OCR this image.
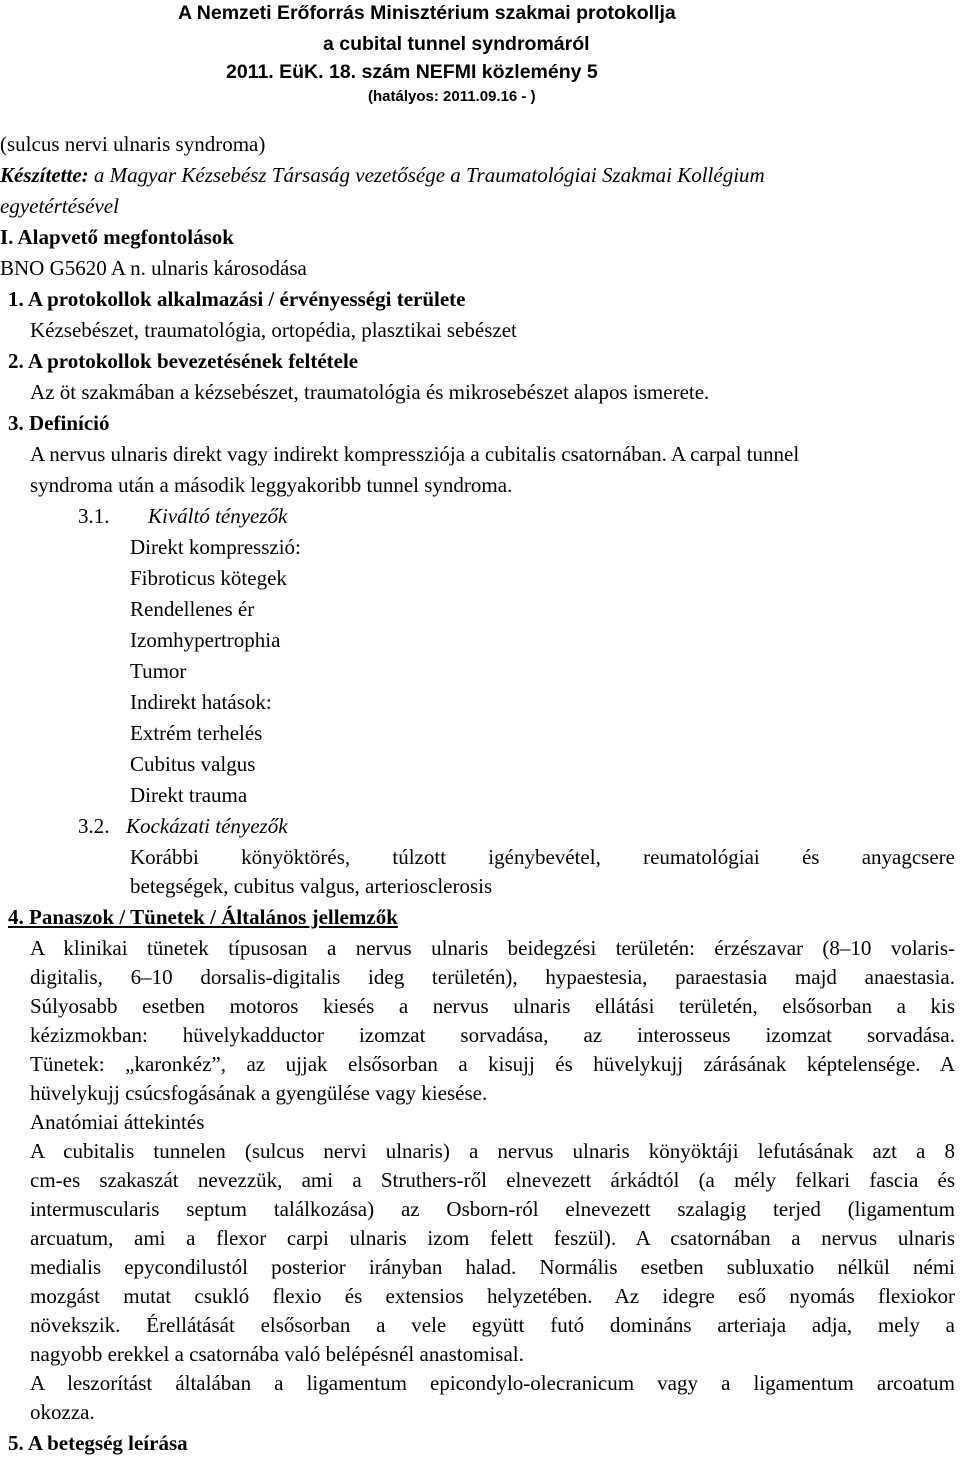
A Nemzeti Erőforrás Minisztérium szakmai protokollja
a cubital tunnel syndromáról
2011. EüK. 18. szám NEFMI közlemény 5
(hatályos: 2011.09.16 - )
(sulcus nervi ulnaris syndroma)
Készítette: a Magyar Kézsebész Társaság vezetősége a Traumatológiai Szakmai Kollégium
egyetértésével
I. Alapvető megfontolások
BNO G5620 A n. ulnaris károsodása
1. A protokollok alkalmazási / érvényességi területe
Kézsebészet, traumatológia, ortopédia, plasztikai sebészet
2. A protokollok bevezetésének feltétele
Az öt szakmában a kézsebészet, traumatológia és mikrosebészet alapos ismerete.
3. Definíció
A nervus ulnaris direkt vagy indirekt kompressziója a cubitalis csatornában. A carpal tunnel
syndroma után a második leggyakoribb tunnel syndroma.
3.1. Kiváltó tényezők
Direkt kompresszió:
Fibroticus kötegek
Rendellenes ér
Izomhypertrophia
Tumor
Indirekt hatások:
Extrém terhelés
Cubitus valgus
Direkt trauma
3.2. Kockázati tényezők
Korábbi könyöktörés, túlzott igénybevétel, reumatológiai és anyagcsere
betegségek, cubitus valgus, arteriosclerosis
4. Panaszok / Tünetek / Általános jellemzők
A klinikai tünetek típusosan a nervus ulnaris beidegzési területén: érzészavar (8–10 volaris-
digitalis, 6–10 dorsalis-digitalis ideg területén), hypaestesia, paraestasia majd anaestasia.
Súlyosabb esetben motoros kiesés a nervus ulnaris ellátási területén, elsősorban a kis
kézizmokban: hüvelykadductor izomzat sorvadása, az interosseus izomzat sorvadása.
Tünetek: „karonkéz”, az ujjak elsősorban a kisujj és hüvelykujj zárásának képtelensége. A
hüvelykujj csúcsfogásának a gyengülése vagy kiesése.
Anatómiai áttekintés
A cubitalis tunnelen (sulcus nervi ulnaris) a nervus ulnaris könyöktáji lefutásának azt a 8
cm-es szakaszát nevezzük, ami a Struthers-ről elnevezett árkádtól (a mély felkari fascia és
intermuscularis septum találkozása) az Osborn-ról elnevezett szalagig terjed (ligamentum
arcuatum, ami a flexor carpi ulnaris izom felett feszül). A csatornában a nervus ulnaris
medialis epycondilustól posterior irányban halad. Normális esetben subluxatio nélkül némi
mozgást mutat csukló flexio és extensios helyzetében. Az idegre eső nyomás flexiokor
növekszik. Érellátását elsősorban a vele együtt futó domináns arteriaja adja, mely a
nagyobb erekkel a csatornába való belépésnél anastomisal.
A leszorítást általában a ligamentum epicondylo-olecranicum vagy a ligamentum arcoatum
okozza.
5. A betegség leírása
